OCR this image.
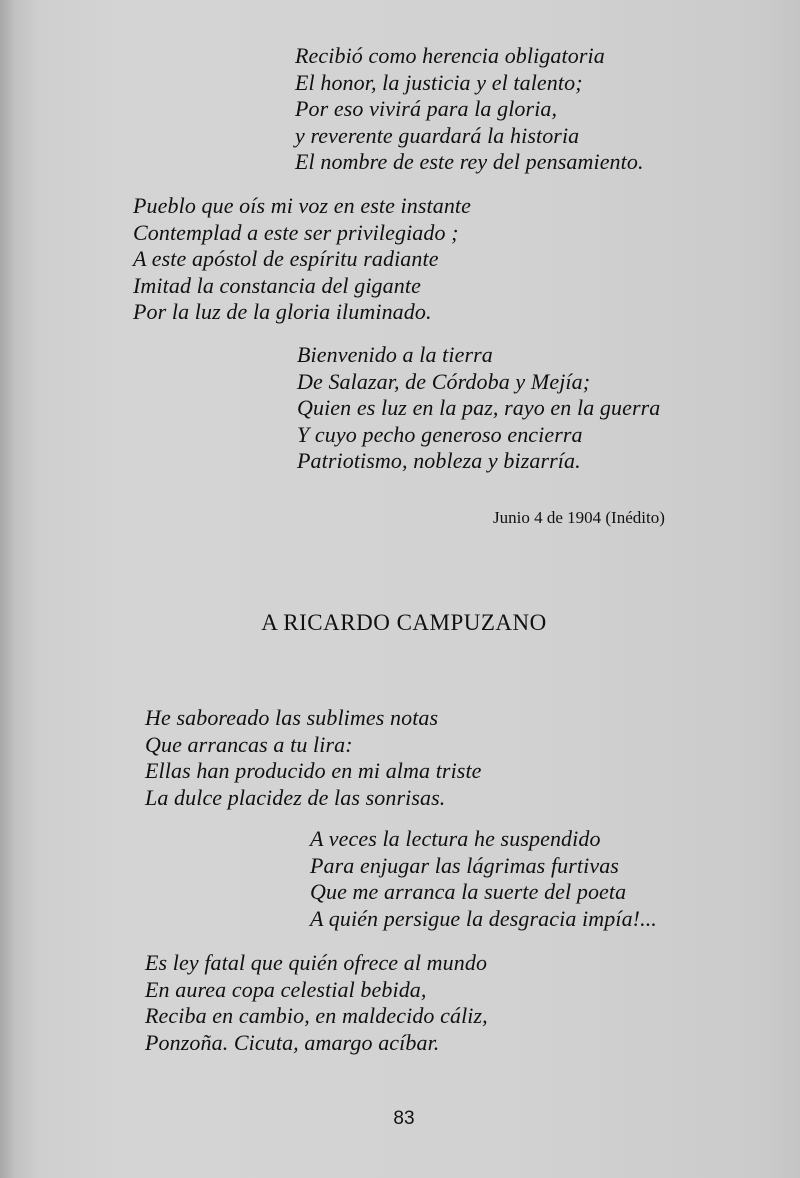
Recibió como herencia obligatoria
El honor, la justicia y el talento;
Por eso vivirá para la gloria,
y reverente guardará la historia
El nombre de este rey del pensamiento.
Pueblo que oís mi voz en este instante
Contemplad a este ser privilegiado ;
A este apóstol de espíritu radiante
Imitad la constancia del gigante
Por la luz de la gloria iluminado.
Bienvenido a la tierra
De Salazar, de Córdoba y Mejía;
Quien es luz en la paz, rayo en la guerra
Y cuyo pecho generoso encierra
Patriotismo, nobleza y bizarría.
Junio 4 de 1904 (Inédito)
A RICARDO CAMPUZANO
He saboreado las sublimes notas
Que arrancas a tu lira:
Ellas han producido en mi alma triste
La dulce placidez de las sonrisas.
A veces la lectura he suspendido
Para enjugar las lágrimas furtivas
Que me arranca la suerte del poeta
A quién persigue la desgracia impía!...
Es ley fatal que quién ofrece al mundo
En aurea copa celestial bebida,
Reciba en cambio, en maldecido cáliz,
Ponzoña. Cicuta, amargo acíbar.
83
